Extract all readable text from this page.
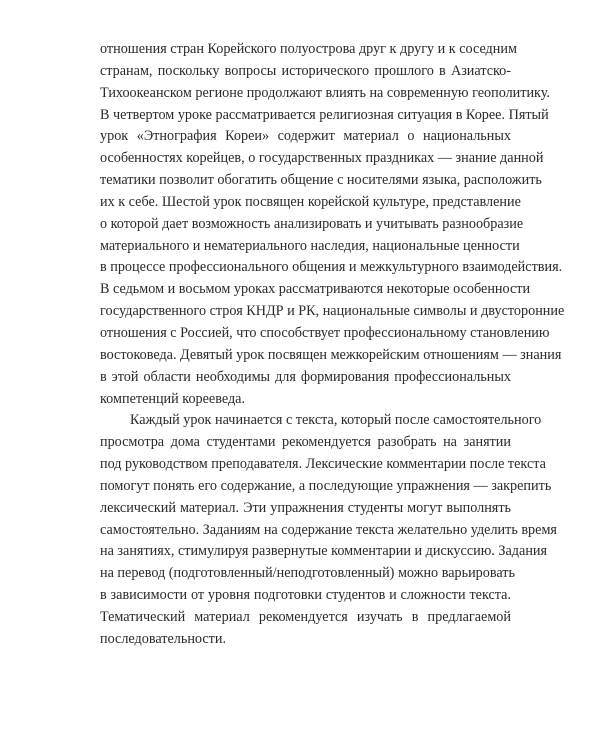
отношения стран Корейского полуострова друг к другу и к соседним
странам, поскольку вопросы исторического прошлого в Азиатско-
Тихоокеанском регионе продолжают влиять на современную геополитику.
В четвертом уроке рассматривается религиозная ситуация в Корее. Пятый
урок «Этнография Кореи» содержит материал о национальных
особенностях корейцев, о государственных праздниках — знание данной
тематики позволит обогатить общение с носителями языка, расположить
их к себе. Шестой урок посвящен корейской культуре, представление
о которой дает возможность анализировать и учитывать разнообразие
материального и нематериального наследия, национальные ценности
в процессе профессионального общения и межкультурного взаимодействия.
В седьмом и восьмом уроках рассматриваются некоторые особенности
государственного строя КНДР и РК, национальные символы и двусторонние
отношения с Россией, что способствует профессиональному становлению
востоковеда. Девятый урок посвящен межкорейским отношениям — знания
в этой области необходимы для формирования профессиональных
компетенций корееведа.
Каждый урок начинается с текста, который после самостоятельного
просмотра дома студентами рекомендуется разобрать на занятии
под руководством преподавателя. Лексические комментарии после текста
помогут понять его содержание, а последующие упражнения — закрепить
лексический материал. Эти упражнения студенты могут выполнять
самостоятельно. Заданиям на содержание текста желательно уделить время
на занятиях, стимулируя развернутые комментарии и дискуссию. Задания
на перевод (подготовленный/неподготовленный) можно варьировать
в зависимости от уровня подготовки студентов и сложности текста.
Тематический материал рекомендуется изучать в предлагаемой
последовательности.
